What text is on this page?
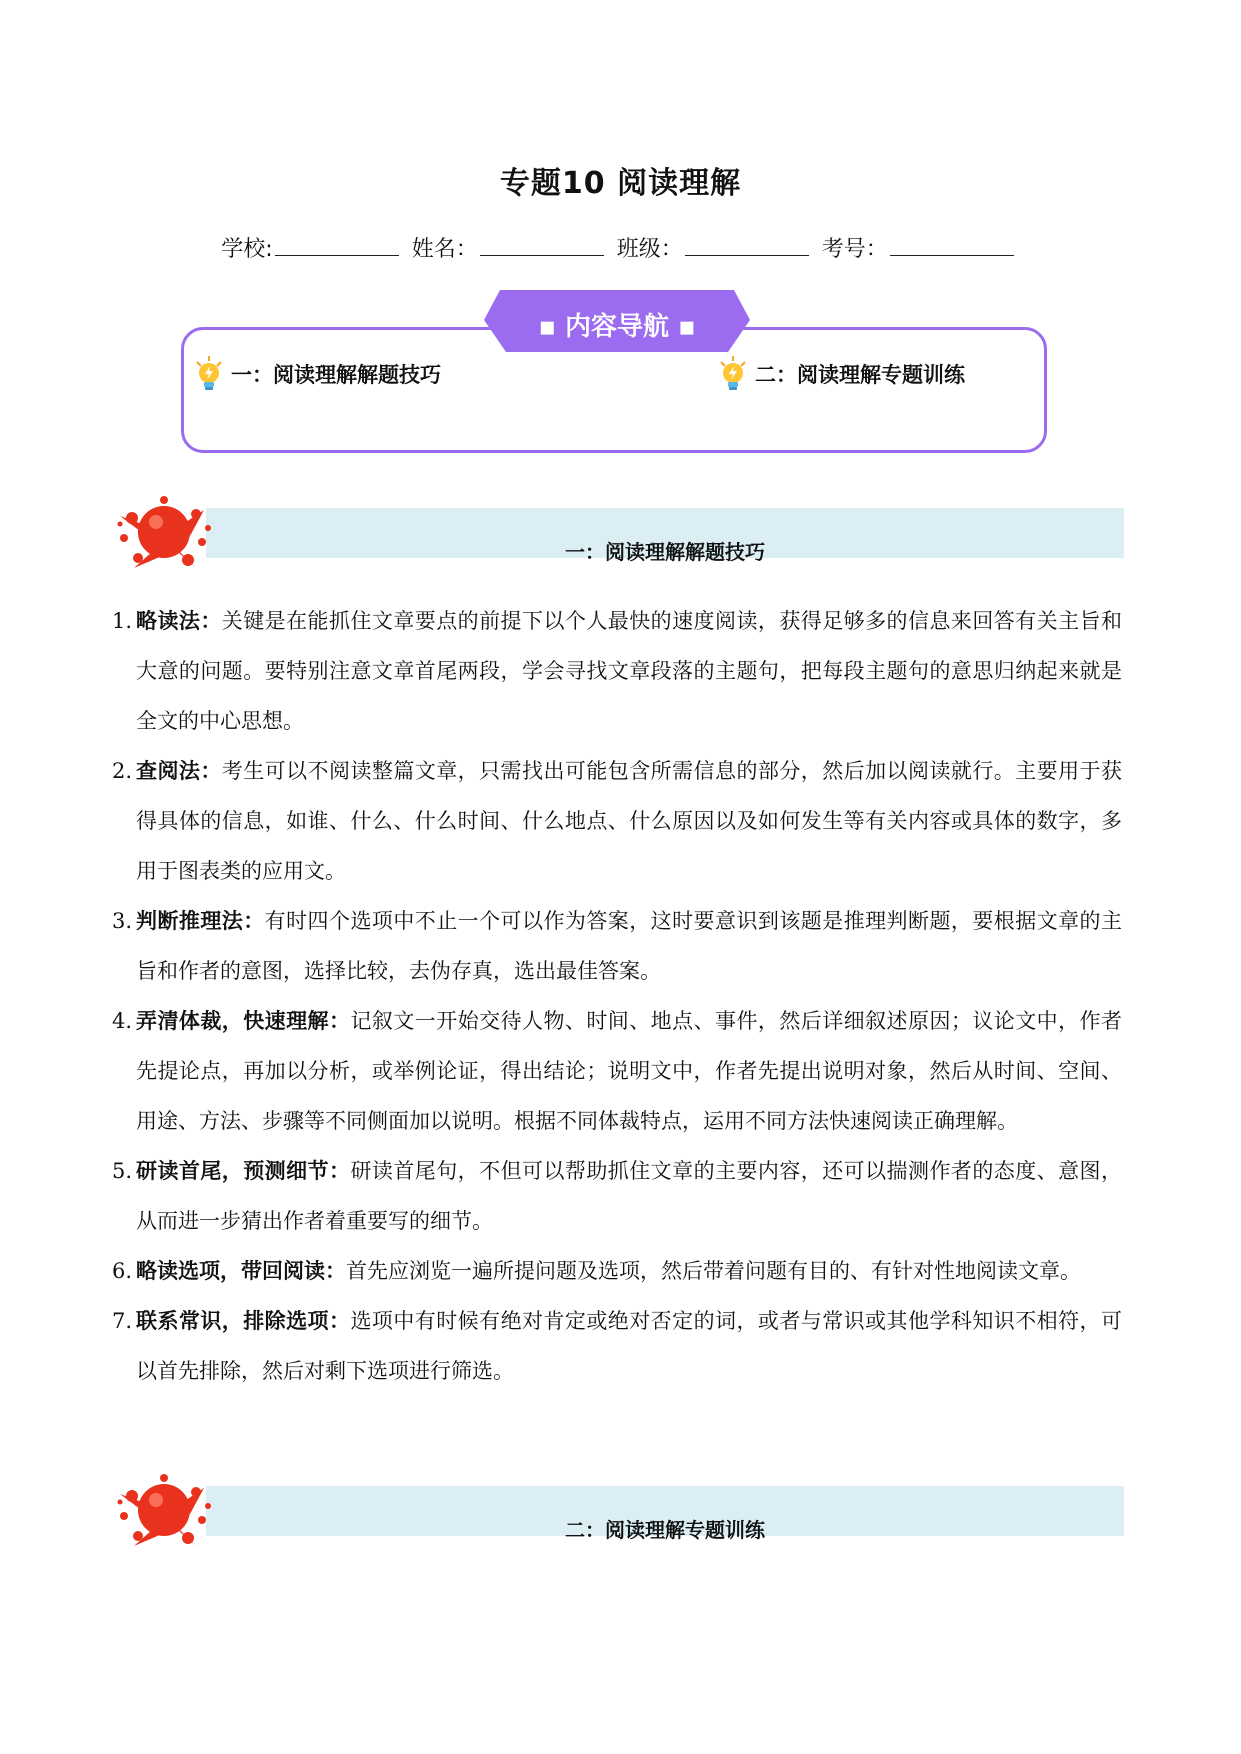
专题10 阅读理解
学校:	姓名：	班级：	考号：
▪ 内容导航 ▪
一：阅读理解解题技巧	二：阅读理解专题训练
一：阅读理解解题技巧
1. 略读法：关键是在能抓住文章要点的前提下以个人最快的速度阅读，获得足够多的信息来回答有关主旨和大意的问题。要特别注意文章首尾两段，学会寻找文章段落的主题句，把每段主题句的意思归纳起来就是全文的中心思想。
2. 查阅法：考生可以不阅读整篇文章，只需找出可能包含所需信息的部分，然后加以阅读就行。主要用于获得具体的信息，如谁、什么、什么时间、什么地点、什么原因以及如何发生等有关内容或具体的数字，多用于图表类的应用文。
3. 判断推理法：有时四个选项中不止一个可以作为答案，这时要意识到该题是推理判断题，要根据文章的主旨和作者的意图，选择比较，去伪存真，选出最佳答案。
4. 弄清体裁，快速理解：记叙文一开始交待人物、时间、地点、事件，然后详细叙述原因；议论文中，作者先提论点，再加以分析，或举例论证，得出结论；说明文中，作者先提出说明对象，然后从时间、空间、用途、方法、步骤等不同侧面加以说明。根据不同体裁特点，运用不同方法快速阅读正确理解。
5. 研读首尾，预测细节：研读首尾句，不但可以帮助抓住文章的主要内容，还可以揣测作者的态度、意图，从而进一步猜出作者着重要写的细节。
6. 略读选项，带回阅读：首先应浏览一遍所提问题及选项，然后带着问题有目的、有针对性地阅读文章。
7. 联系常识，排除选项：选项中有时候有绝对肯定或绝对否定的词，或者与常识或其他学科知识不相符，可以首先排除，然后对剩下选项进行筛选。
二：阅读理解专题训练
